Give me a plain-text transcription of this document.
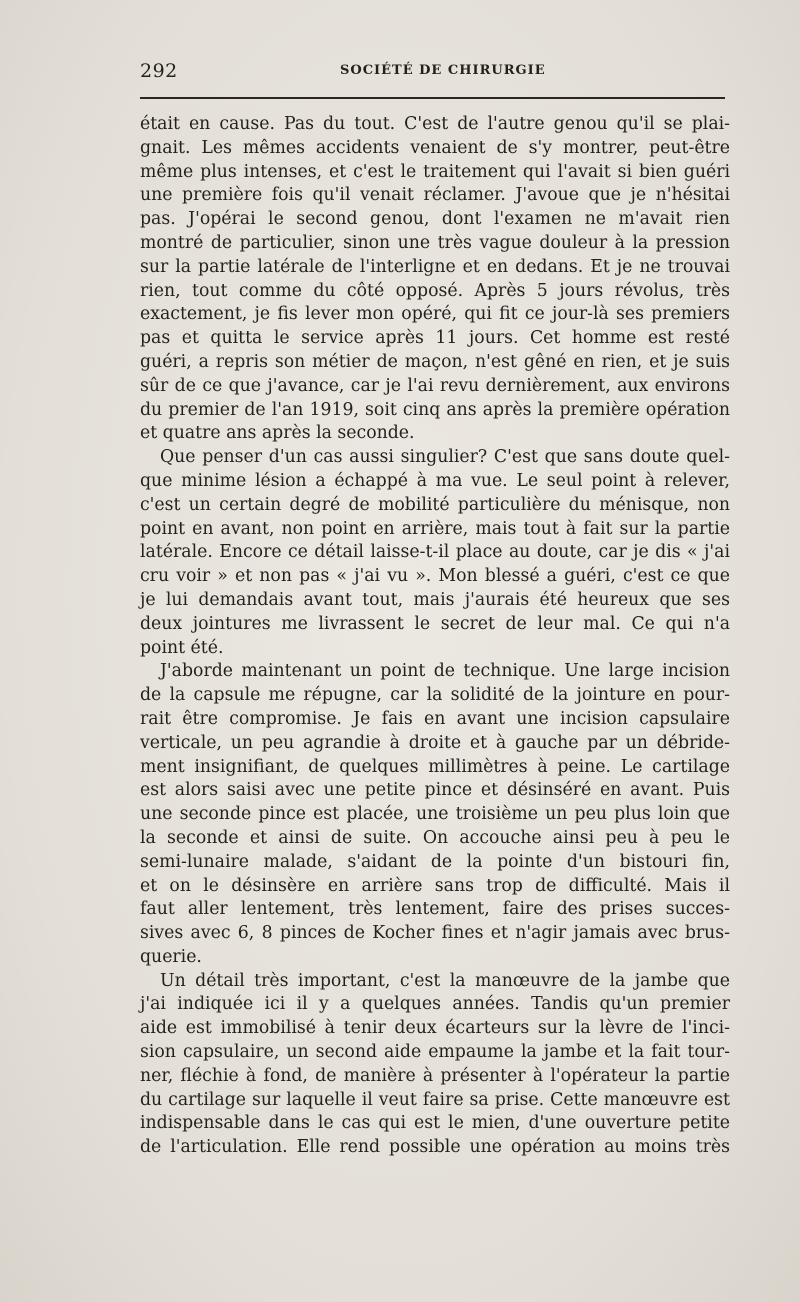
292	SOCIÉTÉ DE CHIRURGIE
était en cause. Pas du tout. C'est de l'autre genou qu'il se plai-
gnait. Les mêmes accidents venaient de s'y montrer, peut-être
même plus intenses, et c'est le traitement qui l'avait si bien guéri
une première fois qu'il venait réclamer. J'avoue que je n'hésitai
pas. J'opérai le second genou, dont l'examen ne m'avait rien
montré de particulier, sinon une très vague douleur à la pression
sur la partie latérale de l'interligne et en dedans. Et je ne trouvai
rien, tout comme du côté opposé. Après 5 jours révolus, très
exactement, je fis lever mon opéré, qui fit ce jour-là ses premiers
pas et quitta le service après 11 jours. Cet homme est resté
guéri, a repris son métier de maçon, n'est gêné en rien, et je suis
sûr de ce que j'avance, car je l'ai revu dernièrement, aux environs
du premier de l'an 1919, soit cinq ans après la première opération
et quatre ans après la seconde.
Que penser d'un cas aussi singulier? C'est que sans doute quel-
que minime lésion a échappé à ma vue. Le seul point à relever,
c'est un certain degré de mobilité particulière du ménisque, non
point en avant, non point en arrière, mais tout à fait sur la partie
latérale. Encore ce détail laisse-t-il place au doute, car je dis « j'ai
cru voir » et non pas « j'ai vu ». Mon blessé a guéri, c'est ce que
je lui demandais avant tout, mais j'aurais été heureux que ses
deux jointures me livrassent le secret de leur mal. Ce qui n'a
point été.
J'aborde maintenant un point de technique. Une large incision
de la capsule me répugne, car la solidité de la jointure en pour-
rait être compromise. Je fais en avant une incision capsulaire
verticale, un peu agrandie à droite et à gauche par un débride-
ment insignifiant, de quelques millimètres à peine. Le cartilage
est alors saisi avec une petite pince et désinséré en avant. Puis
une seconde pince est placée, une troisième un peu plus loin que
la seconde et ainsi de suite. On accouche ainsi peu à peu le
semi-lunaire malade, s'aidant de la pointe d'un bistouri fin,
et on le désinsère en arrière sans trop de difficulté. Mais il
faut aller lentement, très lentement, faire des prises succes-
sives avec 6, 8 pinces de Kocher fines et n'agir jamais avec brus-
querie.
Un détail très important, c'est la manœuvre de la jambe que
j'ai indiquée ici il y a quelques années. Tandis qu'un premier
aide est immobilisé à tenir deux écarteurs sur la lèvre de l'inci-
sion capsulaire, un second aide empaume la jambe et la fait tour-
ner, fléchie à fond, de manière à présenter à l'opérateur la partie
du cartilage sur laquelle il veut faire sa prise. Cette manœuvre est
indispensable dans le cas qui est le mien, d'une ouverture petite
de l'articulation. Elle rend possible une opération au moins très
